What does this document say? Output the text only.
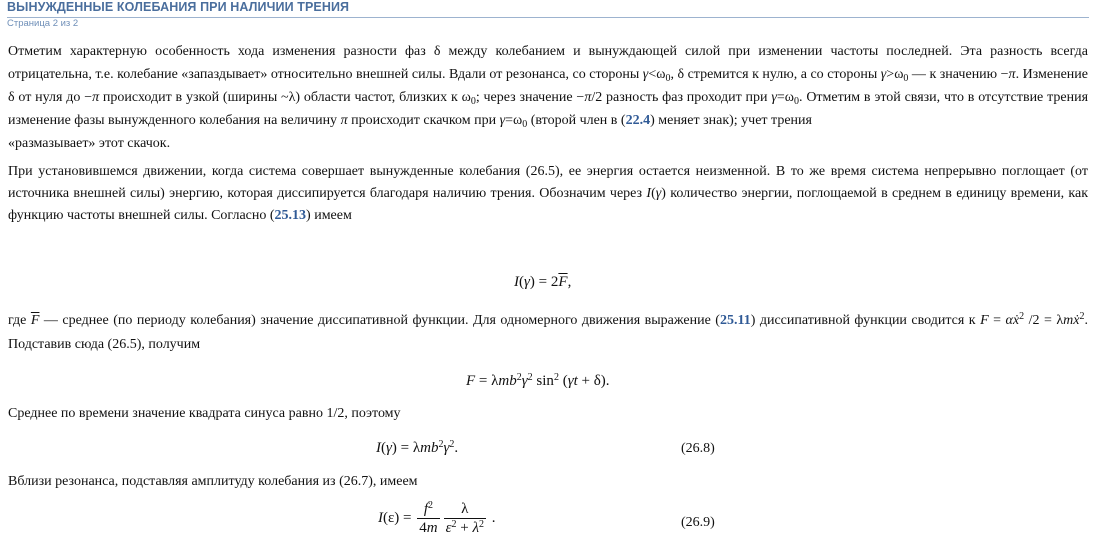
ВЫНУЖДЕННЫЕ КОЛЕБАНИЯ ПРИ НАЛИЧИИ ТРЕНИЯ
Страница 2 из 2

Отметим характерную особенность хода изменения разности фаз δ между колебанием и вынуждающей силой при изменении частоты последней. Эта разность всегда отрицательна, т.е. колебание «запаздывает» относительно внешней силы. Вдали от резонанса, со стороны $\gamma<\omega_0$, δ стремится к нулю, а со стороны $\gamma>\omega_0$ — к значению −π. Изменение δ от нуля до −π происходит в узкой (ширины ~λ) области частот, близких к $\omega_0$; через значение −π/2 разность фаз проходит при $\gamma=\omega_0$. Отметим в этой связи, что в отсутствие трения изменение фазы вынужденного колебания на величину π происходит скачком при $\gamma=\omega_0$ (второй член в (22.4) меняет знак); учет трения
«размазывает» этот скачок.

При установившемся движении, когда система совершает вынужденные колебания (26.5), ее энергия остается неизменной. В то же время система непрерывно поглощает (от источника внешней силы) энергию, которая диссипируется благодаря наличию трения. Обозначим через I(γ) количество энергии, поглощаемой в среднем в единицу времени, как функцию частоты внешней силы. Согласно (25.13) имеем

$I(\gamma) = 2\overline{F}$,

где $\overline{F}$ — среднее (по периоду колебания) значение диссипативной функции. Для одномерного движения выражение (25.11) диссипативной функции сводится к F = αẋ$^2$ /2 = λmẋ$^2$. Подставив сюда (26.5), получим

$F = \lambda mb^2\gamma^2$ $\sin^2 (\gamma t + \delta)$.
Среднее по времени значение квадрата синуса равно 1/2, поэтому
$I(\gamma) = \lambda mb^2\gamma^2$.	(26.8)
Вблизи резонанса, подставляя амплитуду колебания из (26.7), имеем
$I(\varepsilon) = \frac{f^2}{4m} \frac{\lambda}{\varepsilon^2 + \lambda^2}$ .	(26.9)
